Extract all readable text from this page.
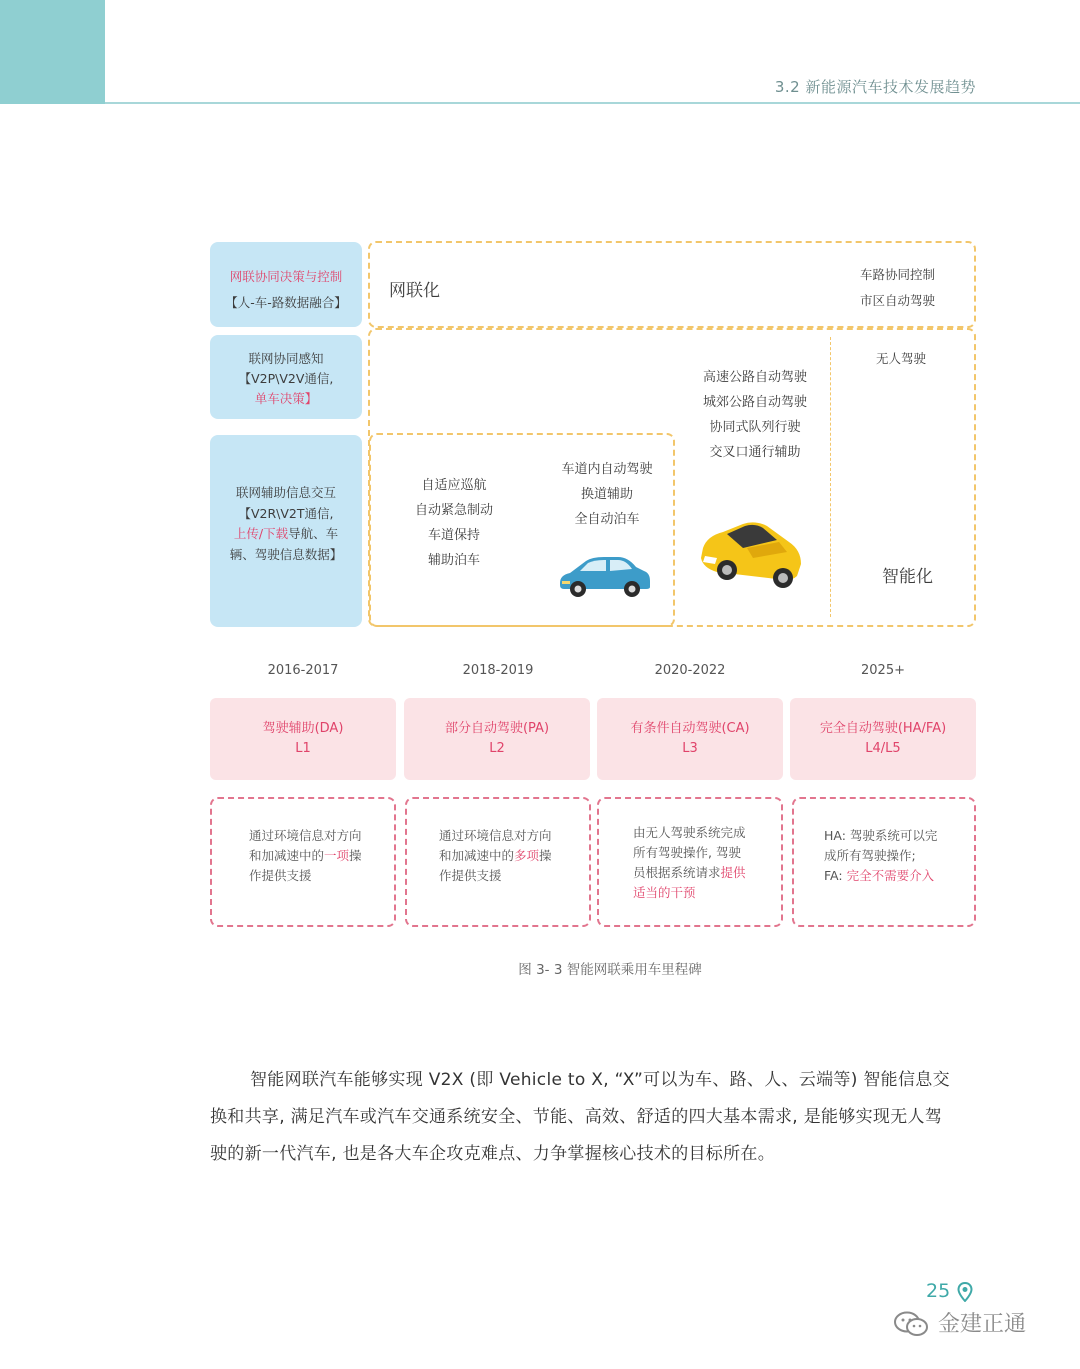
3.2 新能源汽车技术发展趋势
网联协同决策与控制
【人-车-路数据融合】
联网协同感知
【V2P\V2V通信,
单车决策】
联网辅助信息交互
【V2R\V2T通信,
上传/下载导航、车
辆、驾驶信息数据】
网联化
车路协同控制
市区自动驾驶
自适应巡航
自动紧急制动
车道保持
辅助泊车
车道内自动驾驶
换道辅助
全自动泊车
高速公路自动驾驶
城郊公路自动驾驶
协同式队列行驶
交叉口通行辅助
无人驾驶
智能化
2016-2017	2018-2019	2020-2022	2025+
驾驶辅助(DA)
L1
部分自动驾驶(PA)
L2
有条件自动驾驶(CA)
L3
完全自动驾驶(HA/FA)
L4/L5
通过环境信息对方向
和加减速中的一项操
作提供支援
通过环境信息对方向
和加减速中的多项操
作提供支援
由无人驾驶系统完成
所有驾驶操作, 驾驶
员根据系统请求提供
适当的干预
HA: 驾驶系统可以完
成所有驾驶操作;
FA: 完全不需要介入
图 3- 3 智能网联乘用车里程碑
智能网联汽车能够实现 V2X (即 Vehicle to X, “X”可以为车、路、人、云端等) 智能信息交
换和共享, 满足汽车或汽车交通系统安全、节能、高效、舒适的四大基本需求, 是能够实现无人驾
驶的新一代汽车, 也是各大车企攻克难点、力争掌握核心技术的目标所在。
25
金建正通
